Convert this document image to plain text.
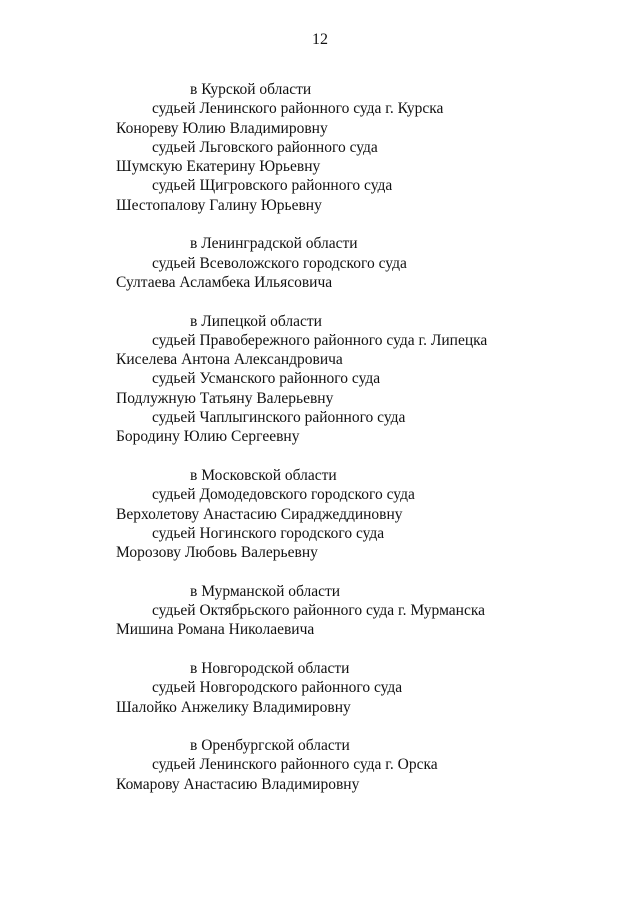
12
в Курской области
судьей Ленинского районного суда г. Курска
Конореву Юлию Владимировну
судьей Льговского районного суда
Шумскую Екатерину Юрьевну
судьей Щигровского районного суда
Шестопалову Галину Юрьевну
в Ленинградской области
судьей Всеволожского городского суда
Султаева Асламбека Ильясовича
в Липецкой области
судьей Правобережного районного суда г. Липецка
Киселева Антона Александровича
судьей Усманского районного суда
Подлужную Татьяну Валерьевну
судьей Чаплыгинского районного суда
Бородину Юлию Сергеевну
в Московской области
судьей Домодедовского городского суда
Верхолетову Анастасию Сираджеддиновну
судьей Ногинского городского суда
Морозову Любовь Валерьевну
в Мурманской области
судьей Октябрьского районного суда г. Мурманска
Мишина Романа Николаевича
в Новгородской области
судьей Новгородского районного суда
Шалойко Анжелику Владимировну
в Оренбургской области
судьей Ленинского районного суда г. Орска
Комарову Анастасию Владимировну
